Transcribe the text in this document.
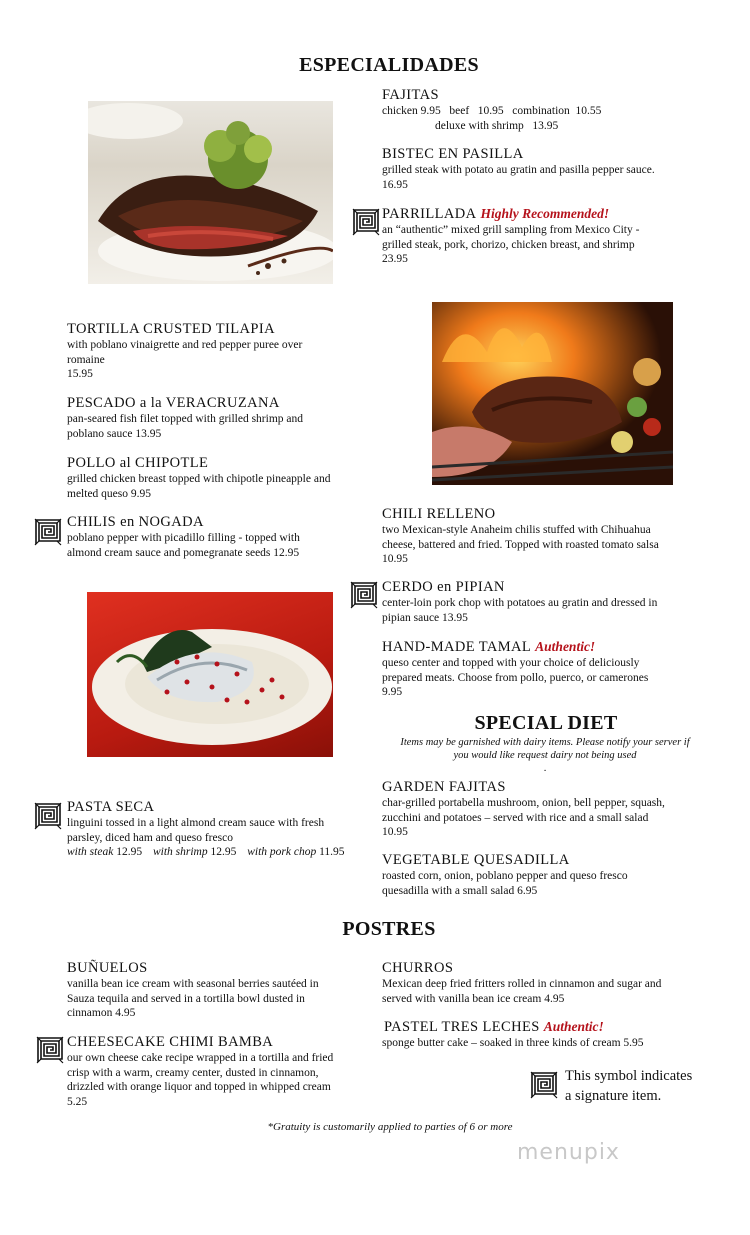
ESPECIALIDADES
FAJITAS
chicken 9.95   beef   10.95   combination  10.55
deluxe with shrimp   13.95
BISTEC EN PASILLA
grilled steak with potato au gratin and pasilla pepper sauce.
16.95
PARRILLADA Highly Recommended!
an “authentic” mixed grill sampling from Mexico City -
grilled steak, pork, chorizo, chicken breast, and shrimp
23.95
TORTILLA CRUSTED TILAPIA
with poblano vinaigrette and red pepper puree over
romaine
15.95
PESCADO a la VERACRUZANA
pan-seared fish filet topped with grilled shrimp and
poblano sauce 13.95
POLLO al CHIPOTLE
grilled chicken breast topped with chipotle pineapple and
melted queso 9.95
CHILIS en NOGADA
poblano pepper with picadillo filling - topped with
almond cream sauce and pomegranate seeds 12.95
CHILI RELLENO
two Mexican-style Anaheim chilis stuffed with Chihuahua
cheese, battered and fried. Topped with roasted tomato salsa
10.95
CERDO en PIPIAN
center-loin pork chop with potatoes au gratin and dressed in
pipian sauce 13.95
HAND-MADE TAMAL Authentic!
queso center and topped with your choice of deliciously
prepared meats. Choose from pollo, puerco, or camerones
9.95
SPECIAL DIET
Items may be garnished with dairy items. Please notify your server if
you would like request dairy not being used
.
PASTA SECA
linguini tossed in a light almond cream sauce with fresh
parsley, diced ham and queso fresco
with steak 12.95 with shrimp 12.95 with pork chop 11.95
GARDEN FAJITAS
char-grilled portabella mushroom, onion, bell pepper, squash,
zucchini and potatoes – served with rice and a small salad
10.95
VEGETABLE QUESADILLA
roasted corn, onion, poblano pepper and queso fresco
quesadilla with a small salad 6.95
POSTRES
BUÑUELOS
vanilla bean ice cream with seasonal berries sautéed in
Sauza tequila and served in a tortilla bowl dusted in
cinnamon 4.95
CHEESECAKE CHIMI BAMBA
our own cheese cake recipe wrapped in a tortilla and fried
crisp with a warm, creamy center, dusted in cinnamon,
drizzled with orange liquor and topped in whipped cream
5.25
CHURROS
Mexican deep fried fritters rolled in cinnamon and sugar and
served with vanilla bean ice cream 4.95
PASTEL TRES LECHES Authentic!
sponge butter cake – soaked in three kinds of cream 5.95
This symbol indicates
a signature item.
*Gratuity is customarily applied to parties of 6 or more
menupix
